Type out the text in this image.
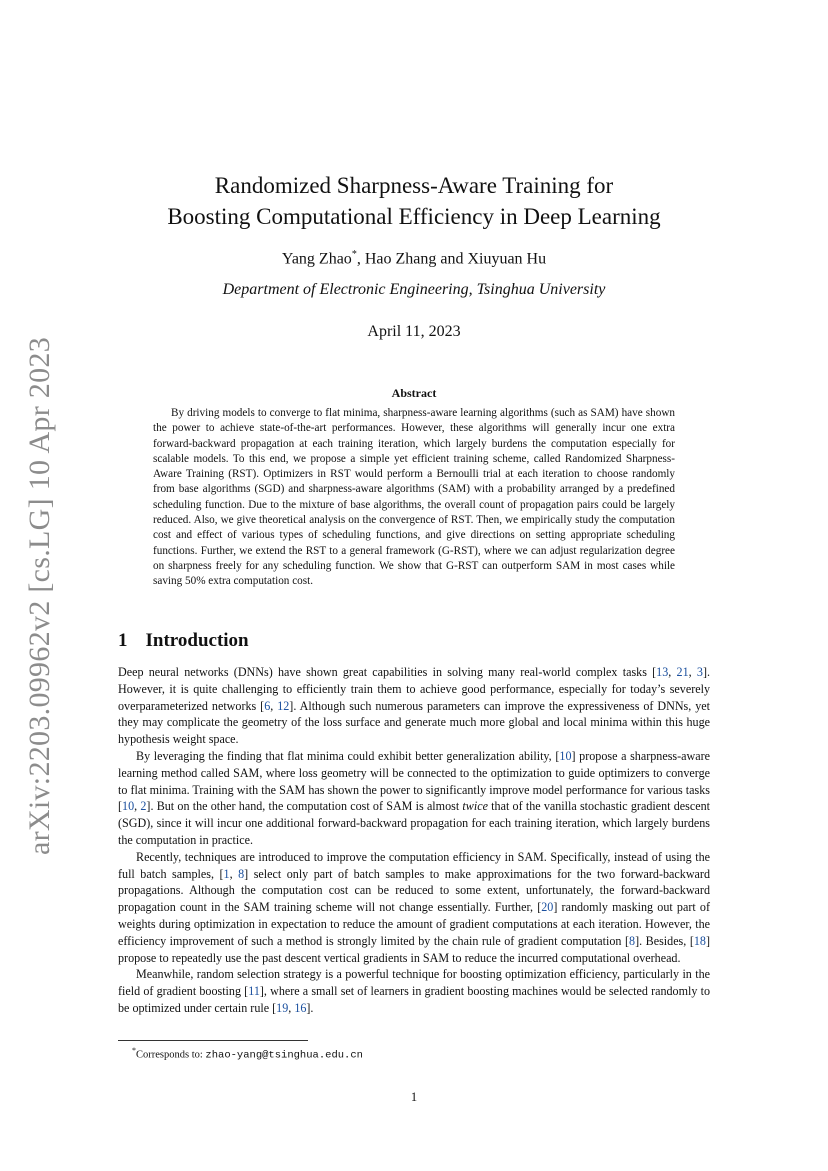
arXiv:2203.09962v2 [cs.LG] 10 Apr 2023
Randomized Sharpness-Aware Training for
Boosting Computational Efficiency in Deep Learning
Yang Zhao*, Hao Zhang and Xiuyuan Hu
Department of Electronic Engineering, Tsinghua University
April 11, 2023
Abstract
By driving models to converge to flat minima, sharpness-aware learning algorithms (such as SAM) have shown the power to achieve state-of-the-art performances. However, these algorithms will generally incur one extra forward-backward propagation at each training iteration, which largely burdens the computation especially for scalable models. To this end, we propose a simple yet efficient training scheme, called Randomized Sharpness-Aware Training (RST). Optimizers in RST would perform a Bernoulli trial at each iteration to choose randomly from base algorithms (SGD) and sharpness-aware algorithms (SAM) with a probability arranged by a predefined scheduling function. Due to the mixture of base algorithms, the overall count of propagation pairs could be largely reduced. Also, we give theoretical analysis on the convergence of RST. Then, we empirically study the computation cost and effect of various types of scheduling functions, and give directions on setting appropriate scheduling functions. Further, we extend the RST to a general framework (G-RST), where we can adjust regularization degree on sharpness freely for any scheduling function. We show that G-RST can outperform SAM in most cases while saving 50% extra computation cost.
1 Introduction

Deep neural networks (DNNs) have shown great capabilities in solving many real-world complex tasks [13, 21, 3]. However, it is quite challenging to efficiently train them to achieve good performance, especially for today’s severely overparameterized networks [6, 12]. Although such numerous parameters can improve the expressiveness of DNNs, yet they may complicate the geometry of the loss surface and generate much more global and local minima within this huge hypothesis weight space.

By leveraging the finding that flat minima could exhibit better generalization ability, [10] propose a sharpness-aware learning method called SAM, where loss geometry will be connected to the optimization to guide optimizers to converge to flat minima. Training with the SAM has shown the power to significantly improve model performance for various tasks [10, 2]. But on the other hand, the computation cost of SAM is almost twice that of the vanilla stochastic gradient descent (SGD), since it will incur one additional forward-backward propagation for each training iteration, which largely burdens the computation in practice.

Recently, techniques are introduced to improve the computation efficiency in SAM. Specifically, instead of using the full batch samples, [1, 8] select only part of batch samples to make approximations for the two forward-backward propagations. Although the computation cost can be reduced to some extent, unfortunately, the forward-backward propagation count in the SAM training scheme will not change essentially. Further, [20] randomly masking out part of weights during optimization in expectation to reduce the amount of gradient computations at each iteration. However, the efficiency improvement of such a method is strongly limited by the chain rule of gradient computation [8]. Besides, [18] propose to repeatedly use the past descent vertical gradients in SAM to reduce the incurred computational overhead.

Meanwhile, random selection strategy is a powerful technique for boosting optimization efficiency, particularly in the field of gradient boosting [11], where a small set of learners in gradient boosting machines would be selected randomly to be optimized under certain rule [19, 16].

*Corresponds to: zhao-yang@tsinghua.edu.cn
1
